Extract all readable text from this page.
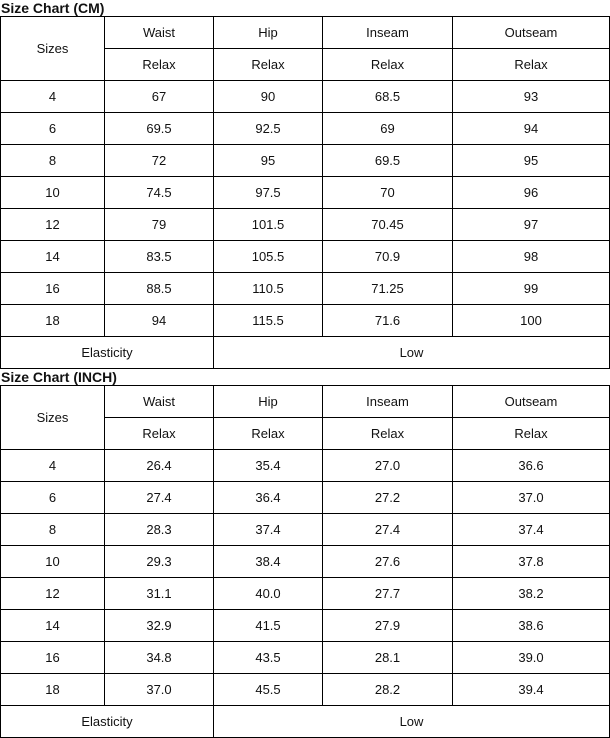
Size Chart (CM)
Sizes	Waist	Hip	Inseam	Outseam
	Relax	Relax	Relax	Relax
4	67	90	68.5	93
6	69.5	92.5	69	94
8	72	95	69.5	95
10	74.5	97.5	70	96
12	79	101.5	70.45	97
14	83.5	105.5	70.9	98
16	88.5	110.5	71.25	99
18	94	115.5	71.6	100
Elasticity		Low		
Size Chart (INCH)
Sizes	Waist	Hip	Inseam	Outseam
	Relax	Relax	Relax	Relax
4	26.4	35.4	27.0	36.6
6	27.4	36.4	27.2	37.0
8	28.3	37.4	27.4	37.4
10	29.3	38.4	27.6	37.8
12	31.1	40.0	27.7	38.2
14	32.9	41.5	27.9	38.6
16	34.8	43.5	28.1	39.0
18	37.0	45.5	28.2	39.4
Elasticity		Low		
